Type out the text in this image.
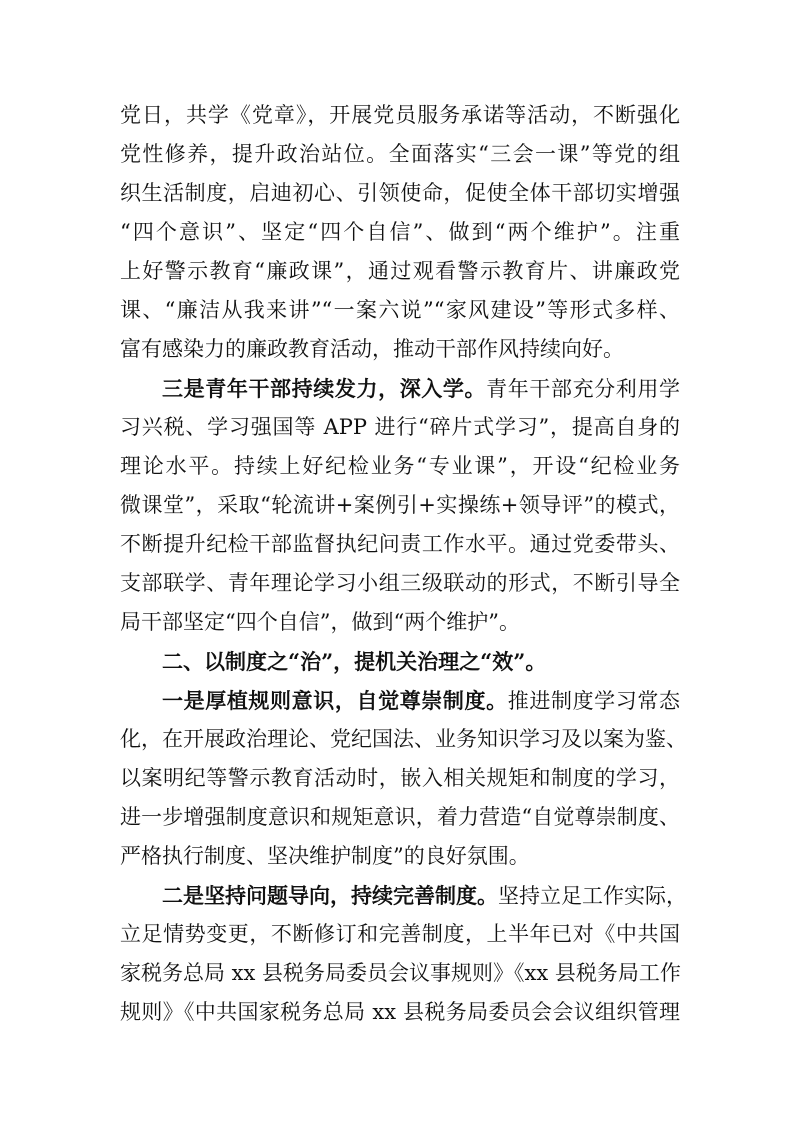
党日，共学《党章》，开展党员服务承诺等活动，不断强化
党性修养，提升政治站位。全面落实“三会一课”等党的组
织生活制度，启迪初心、引领使命，促使全体干部切实增强
“四个意识”、坚定“四个自信”、做到“两个维护”。注重
上好警示教育“廉政课”，通过观看警示教育片、讲廉政党
课、“廉洁从我来讲”“一案六说”“家风建设”等形式多样、
富有感染力的廉政教育活动，推动干部作风持续向好。
三是青年干部持续发力，深入学。青年干部充分利用学
习兴税、学习强国等 APP 进行“碎片式学习”，提高自身的
理论水平。持续上好纪检业务“专业课”，开设“纪检业务
微课堂”，采取“轮流讲+案例引+实操练+领导评”的模式，
不断提升纪检干部监督执纪问责工作水平。通过党委带头、
支部联学、青年理论学习小组三级联动的形式，不断引导全
局干部坚定“四个自信”，做到“两个维护”。
二、以制度之“治”，提机关治理之“效”。
一是厚植规则意识，自觉尊崇制度。推进制度学习常态
化，在开展政治理论、党纪国法、业务知识学习及以案为鉴、
以案明纪等警示教育活动时，嵌入相关规矩和制度的学习，
进一步增强制度意识和规矩意识，着力营造“自觉尊崇制度、
严格执行制度、坚决维护制度”的良好氛围。
二是坚持问题导向，持续完善制度。坚持立足工作实际，
立足情势变更，不断修订和完善制度，上半年已对《中共国
家税务总局 xx 县税务局委员会议事规则》《xx 县税务局工作
规则》《中共国家税务总局 xx 县税务局委员会会议组织管理
